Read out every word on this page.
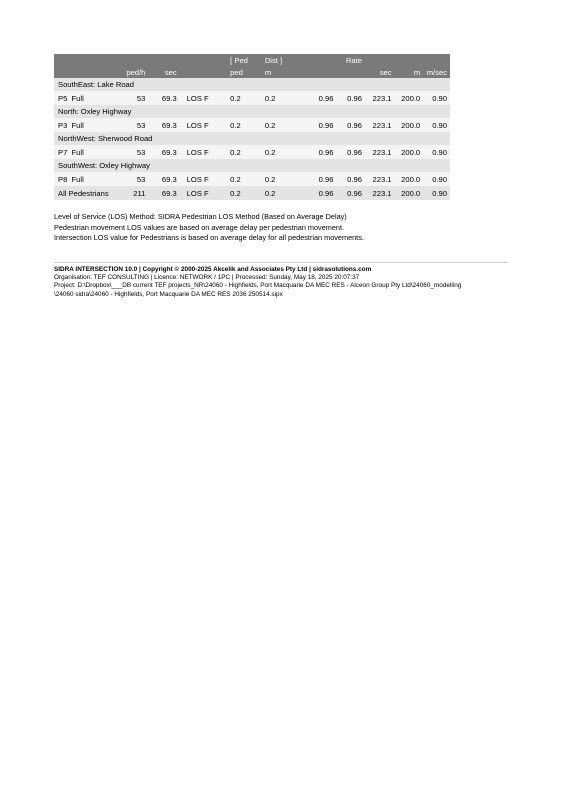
				[ Ped	Dist ]		Rate			
	ped/h	sec		ped	m			sec	m	m/sec
SouthEast: Lake Road										
P5 Full	53	69.3	LOS F	0.2	0.2	0.96	0.96	223.1	200.0	0.90
North: Oxley Highway										
P3 Full	53	69.3	LOS F	0.2	0.2	0.96	0.96	223.1	200.0	0.90
NorthWest: Sherwood Road										
P7 Full	53	69.3	LOS F	0.2	0.2	0.96	0.96	223.1	200.0	0.90
SouthWest: Oxley Highway										
P8 Full	53	69.3	LOS F	0.2	0.2	0.96	0.96	223.1	200.0	0.90
All Pedestrians	211	69.3	LOS F	0.2	0.2	0.96	0.96	223.1	200.0	0.90
Level of Service (LOS) Method: SIDRA Pedestrian LOS Method (Based on Average Delay)
Pedestrian movement LOS values are based on average delay per pedestrian movement.
Intersection LOS value for Pedestrians is based on average delay for all pedestrian movements.
SIDRA INTERSECTION 10.0 | Copyright © 2000-2025 Akcelik and Associates Pty Ltd | sidrasolutions.com
Organisation: TEF CONSULTING | Licence: NETWORK / 1PC | Processed: Sunday, May 18, 2025 20:07:37
Project: D:\Dropbox\___DB current TEF projects_NR\24060 - Highfields, Port Macquarie DA MEC RES - Alceon Group Pty Ltd\24060_modelling
\24060 sidra\24060 - Highfields, Port Macquarie DA MEC RES 2036 250514.sipx
